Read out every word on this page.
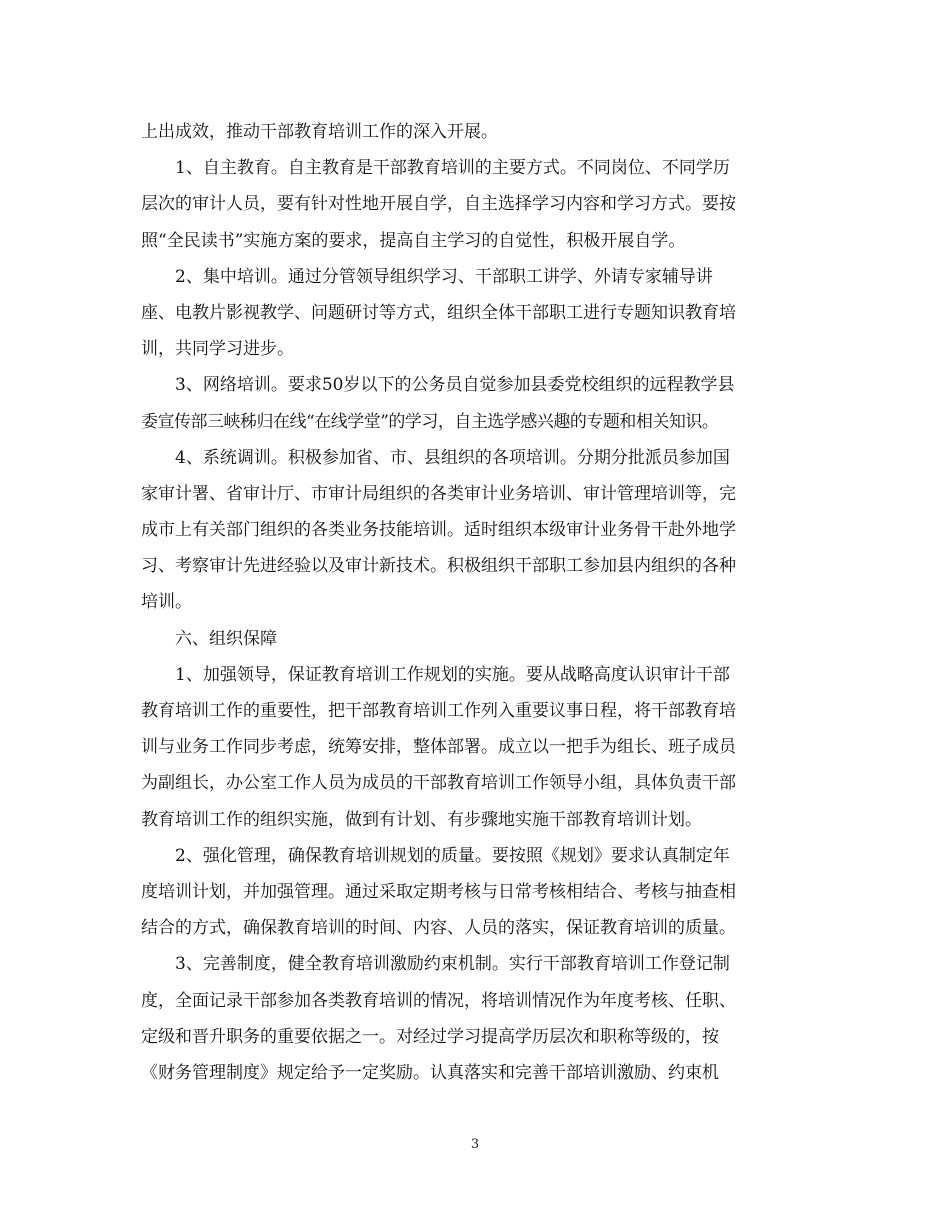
上出成效，推动干部教育培训工作的深入开展。
1、自主教育。自主教育是干部教育培训的主要方式。不同岗位、不同学历
层次的审计人员，要有针对性地开展自学，自主选择学习内容和学习方式。要按
照“全民读书”实施方案的要求，提高自主学习的自觉性，积极开展自学。
2、集中培训。通过分管领导组织学习、干部职工讲学、外请专家辅导讲
座、电教片影视教学、问题研讨等方式，组织全体干部职工进行专题知识教育培
训，共同学习进步。
3、网络培训。要求50岁以下的公务员自觉参加县委党校组织的远程教学县
委宣传部三峡秭归在线“在线学堂”的学习，自主选学感兴趣的专题和相关知识。
4、系统调训。积极参加省、市、县组织的各项培训。分期分批派员参加国
家审计署、省审计厅、市审计局组织的各类审计业务培训、审计管理培训等，完
成市上有关部门组织的各类业务技能培训。适时组织本级审计业务骨干赴外地学
习、考察审计先进经验以及审计新技术。积极组织干部职工参加县内组织的各种
培训。
六、组织保障
1、加强领导，保证教育培训工作规划的实施。要从战略高度认识审计干部
教育培训工作的重要性，把干部教育培训工作列入重要议事日程，将干部教育培
训与业务工作同步考虑，统筹安排，整体部署。成立以一把手为组长、班子成员
为副组长，办公室工作人员为成员的干部教育培训工作领导小组，具体负责干部
教育培训工作的组织实施，做到有计划、有步骤地实施干部教育培训计划。
2、强化管理，确保教育培训规划的质量。要按照《规划》要求认真制定年
度培训计划，并加强管理。通过采取定期考核与日常考核相结合、考核与抽查相
结合的方式，确保教育培训的时间、内容、人员的落实，保证教育培训的质量。
3、完善制度，健全教育培训激励约束机制。实行干部教育培训工作登记制
度，全面记录干部参加各类教育培训的情况，将培训情况作为年度考核、任职、
定级和晋升职务的重要依据之一。对经过学习提高学历层次和职称等级的，按
《财务管理制度》规定给予一定奖励。认真落实和完善干部培训激励、约束机
3
